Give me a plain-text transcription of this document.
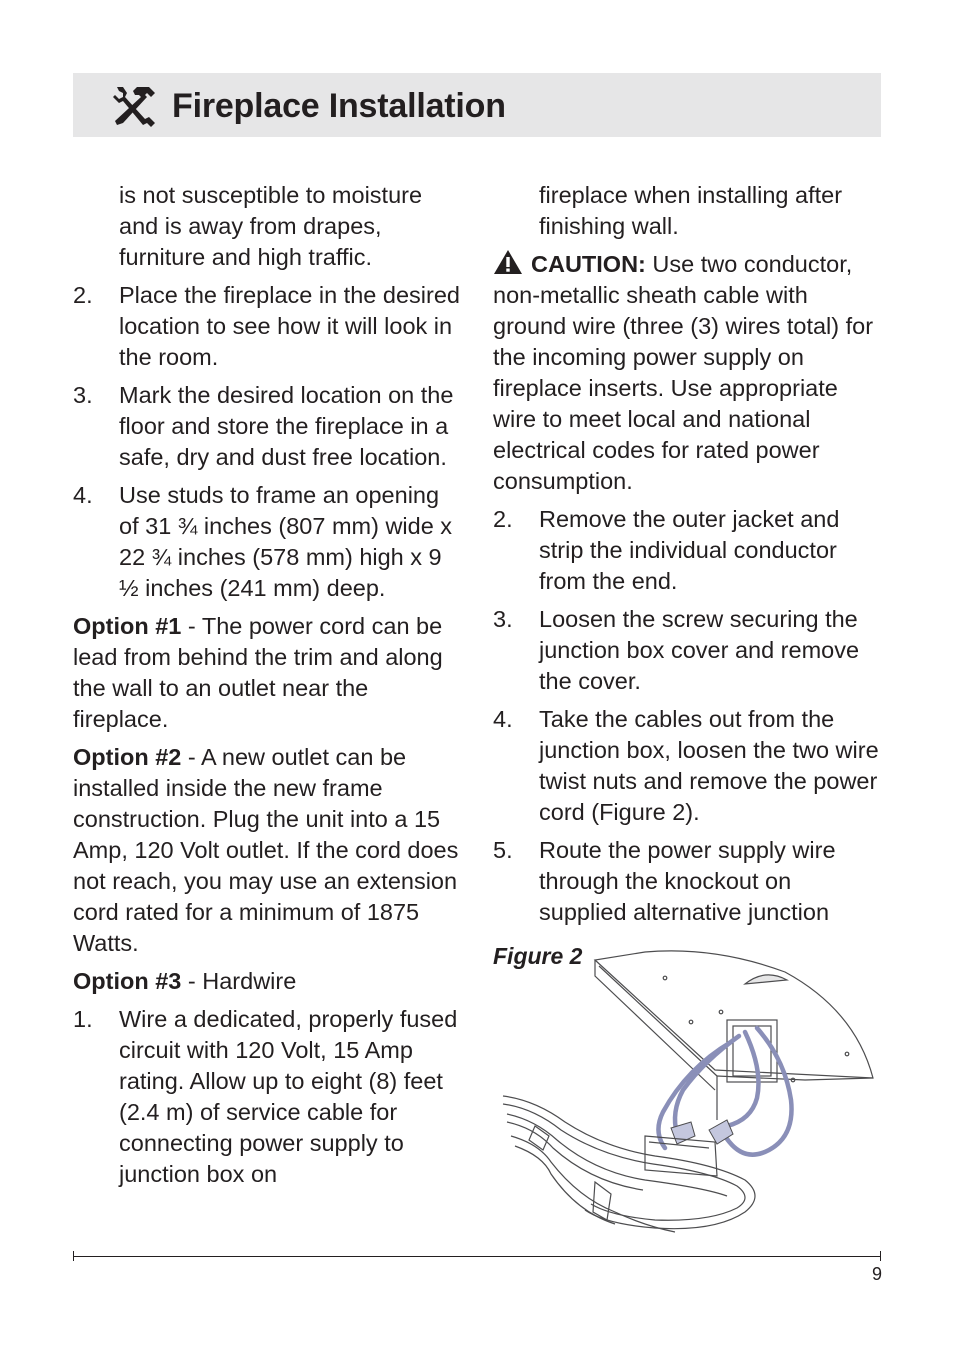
Fireplace Installation

is not susceptible to moisture and is away from drapes, furniture and high traffic.

2. Place the fireplace in the desired location to see how it will look in the room.
3. Mark the desired location on the floor and store the fireplace in a safe, dry and dust free location.
4. Use studs to frame an opening of 31 ¾ inches (807 mm) wide x 22 ¾ inches (578 mm) high x 9 ½ inches (241 mm) deep.

Option #1 - The power cord can be lead from behind the trim and along the wall to an outlet near the fireplace.

Option #2 - A new outlet can be installed inside the new frame construction. Plug the unit into a 15 Amp, 120 Volt outlet. If the cord does not reach, you may use an extension cord rated for a minimum of 1875 Watts.

Option #3 - Hardwire

1. Wire a dedicated, properly fused circuit with 120 Volt, 15 Amp rating. Allow up to eight (8) feet (2.4 m) of service cable for connecting power supply to junction box on

fireplace when installing after finishing wall.

CAUTION: Use two conductor, non-metallic sheath cable with ground wire (three (3) wires total) for the incoming power supply on fireplace inserts. Use appropriate wire to meet local and national electrical codes for rated power consumption.

2. Remove the outer jacket and strip the individual conductor from the end.
3. Loosen the screw securing the junction box cover and remove the cover.
4. Take the cables out from the junction box, loosen the two wire twist nuts and remove the power cord (Figure 2).
5. Route the power supply wire through the knockout on supplied alternative junction
Figure 2
9
